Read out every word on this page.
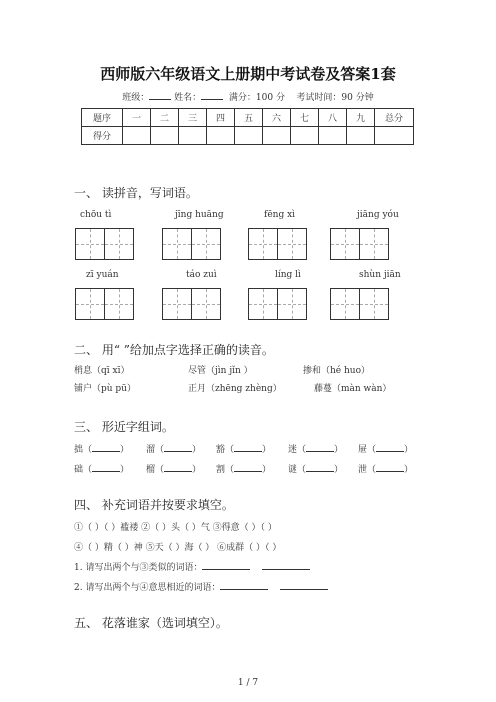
西师版六年级语文上册期中考试卷及答案1套
班级：	姓名：	满分：100 分 考试时间：90 分钟
题序	一	二	三	四	五	六	七	八	九	总分
得分										
一、 读拼音，写词语。
chōu tì	jīng huāng	fēng xì	jiāng yóu
zī yuán	táo zuì	líng lì	shùn jiān
二、 用“ ”给加点字选择正确的读音。
梢息（qī xī）	尽管（jìn jǐn ）	掺和（hé huo）
铺户（pù pū）	正月（zhēng zhèng）	藤蔓（màn wàn）
三、 形近字组词。
拙（	） 溜（	） 豁（	） 迷（	） 屉（	）
础（	） 榴（	） 割（	） 谜（	） 泄（	）
四、 补充词语并按要求填空。
①（ ）（ ）褴褛 ②（ ）头（ ）气 ③得意（ ）（ ）
④（ ）精（ ）神 ⑤天（ ）海（ ） ⑥成群（ ）（ ）
1. 请写出两个与③类似的词语：
2. 请写出两个与④意思相近的词语：
五、 花落谁家（选词填空）。
1 / 7
